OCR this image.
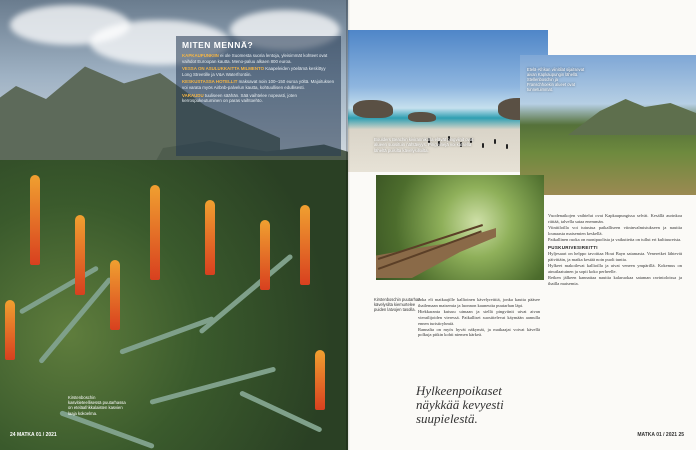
MITEN MENNÄ?
KAPKAUPUNKIIN ei ole Suomesta suoria lentoja, yleisimmät kohteet ovat vaihdot Euroopan kautta. Meno-paluu alkaen 800 euroa.
VESSA ON ASULUKKAITTA MILMENTO Kaapeleiden yöelämä keskittyy Long Streetille ja V&A Waterfrontiin.
KESKUSTASSA HOTELLIT maksavat noin 100–150 euroa yöltä. Majoituksen voi varata myös Airbnb-palvelun kautta, kohtuullisen edullisesti.
VARAUDU tuuliseen säähän. Sää vaihtelee nopeasti, joten kerrospukeutuminen on paras vaihtoehto.
Kirstenboschin kasvitieteellisessä puutarhassa on eteläafrikkalaisten kasvien laaja kokoelma.
24 MATKA 01 / 2021
Boulders Beachin kivirannikolla elävät pingviinit ovat alueen suosituin nähtävyys. Pingviinejä voi katsella läheltä puisilta kävelysilloilta.
Etelä-Afrikan viinitilat sijaitsevat aivan Kapkaupungin lähellä. Stellenboschin ja Franschhoekin alueet ovat tunnetuimmat.
Kirstenboschin puutarhan kävelysilta kiemurtelee puiden latvojen tasolla.

Joka eli matkaajille kallioinen kävelyreittiä, jonka kautta pääsee ihailemaan maisemia ja luonnon kauneutta puutarhan läpi.

Hiekkaranta kutsuu uimaan ja siellä pingviinit uivat aivan vierailijoiden vieressä. Paikalliset suosittelevat käymään aamulla ennen turistiryhmiä.

Rannalta on myös hyvät näkymät, ja matkaajat voivat kävellä polkuja pitkin kohti niemen kärkeä.

Hylkeenpoikaset näykkää kevyesti suupielestä.

Vuodenaikojen vaihtelut ovat Kapkaupungissa selvät. Kesällä aurinkoa riittää, talvella sataa enemmän.

Viinitiloilla voi tutustua paikalliseen viininvalmistukseen ja nauttia lounaasta maisemien keskellä.

Paikallinen ruoka on monipuolista ja vaikutteita on tullut eri kulttuureista.

PUSKURIVESIREITTI

Hyljesaari on helppo tavoittaa Hout Bayn satamasta. Veneretket lähtevät päivittäin, ja matka kestää noin puoli tuntia.

Hylkeet makoilevat kallioilla ja uivat veneen ympärillä. Kokemus on ainutlaatuinen ja sopii koko perheelle.

Retken jälkeen kannattaa nauttia kalaruokaa sataman ravintoloissa ja ihailla maisemia.

MATKA 01 / 2021 25
